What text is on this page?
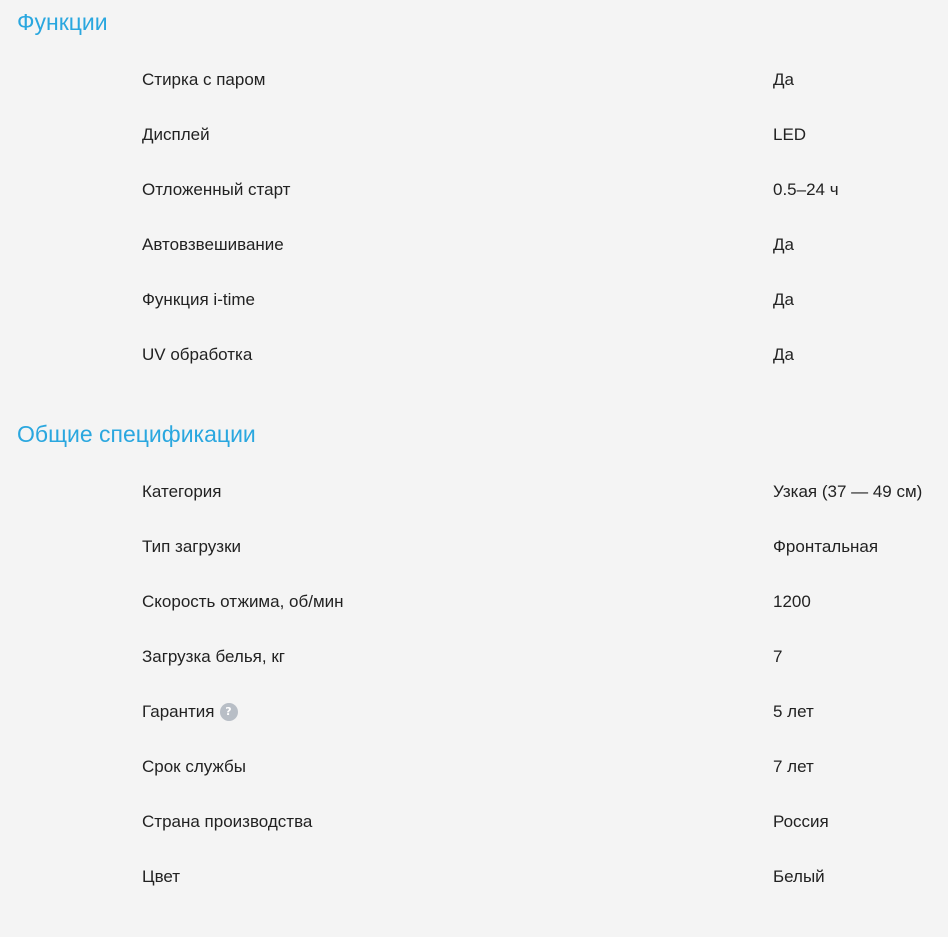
Функции
Стирка с паром	Да
Дисплей	LED
Отложенный старт	0.5–24 ч
Автовзвешивание	Да
Функция i-time	Да
UV обработка	Да
Общие спецификации
Категория	Узкая (37 — 49 см)
Тип загрузки	Фронтальная
Скорость отжима, об/мин	1200
Загрузка белья, кг	7
Гарантия ?	5 лет
Срок службы	7 лет
Страна производства	Россия
Цвет	Белый
